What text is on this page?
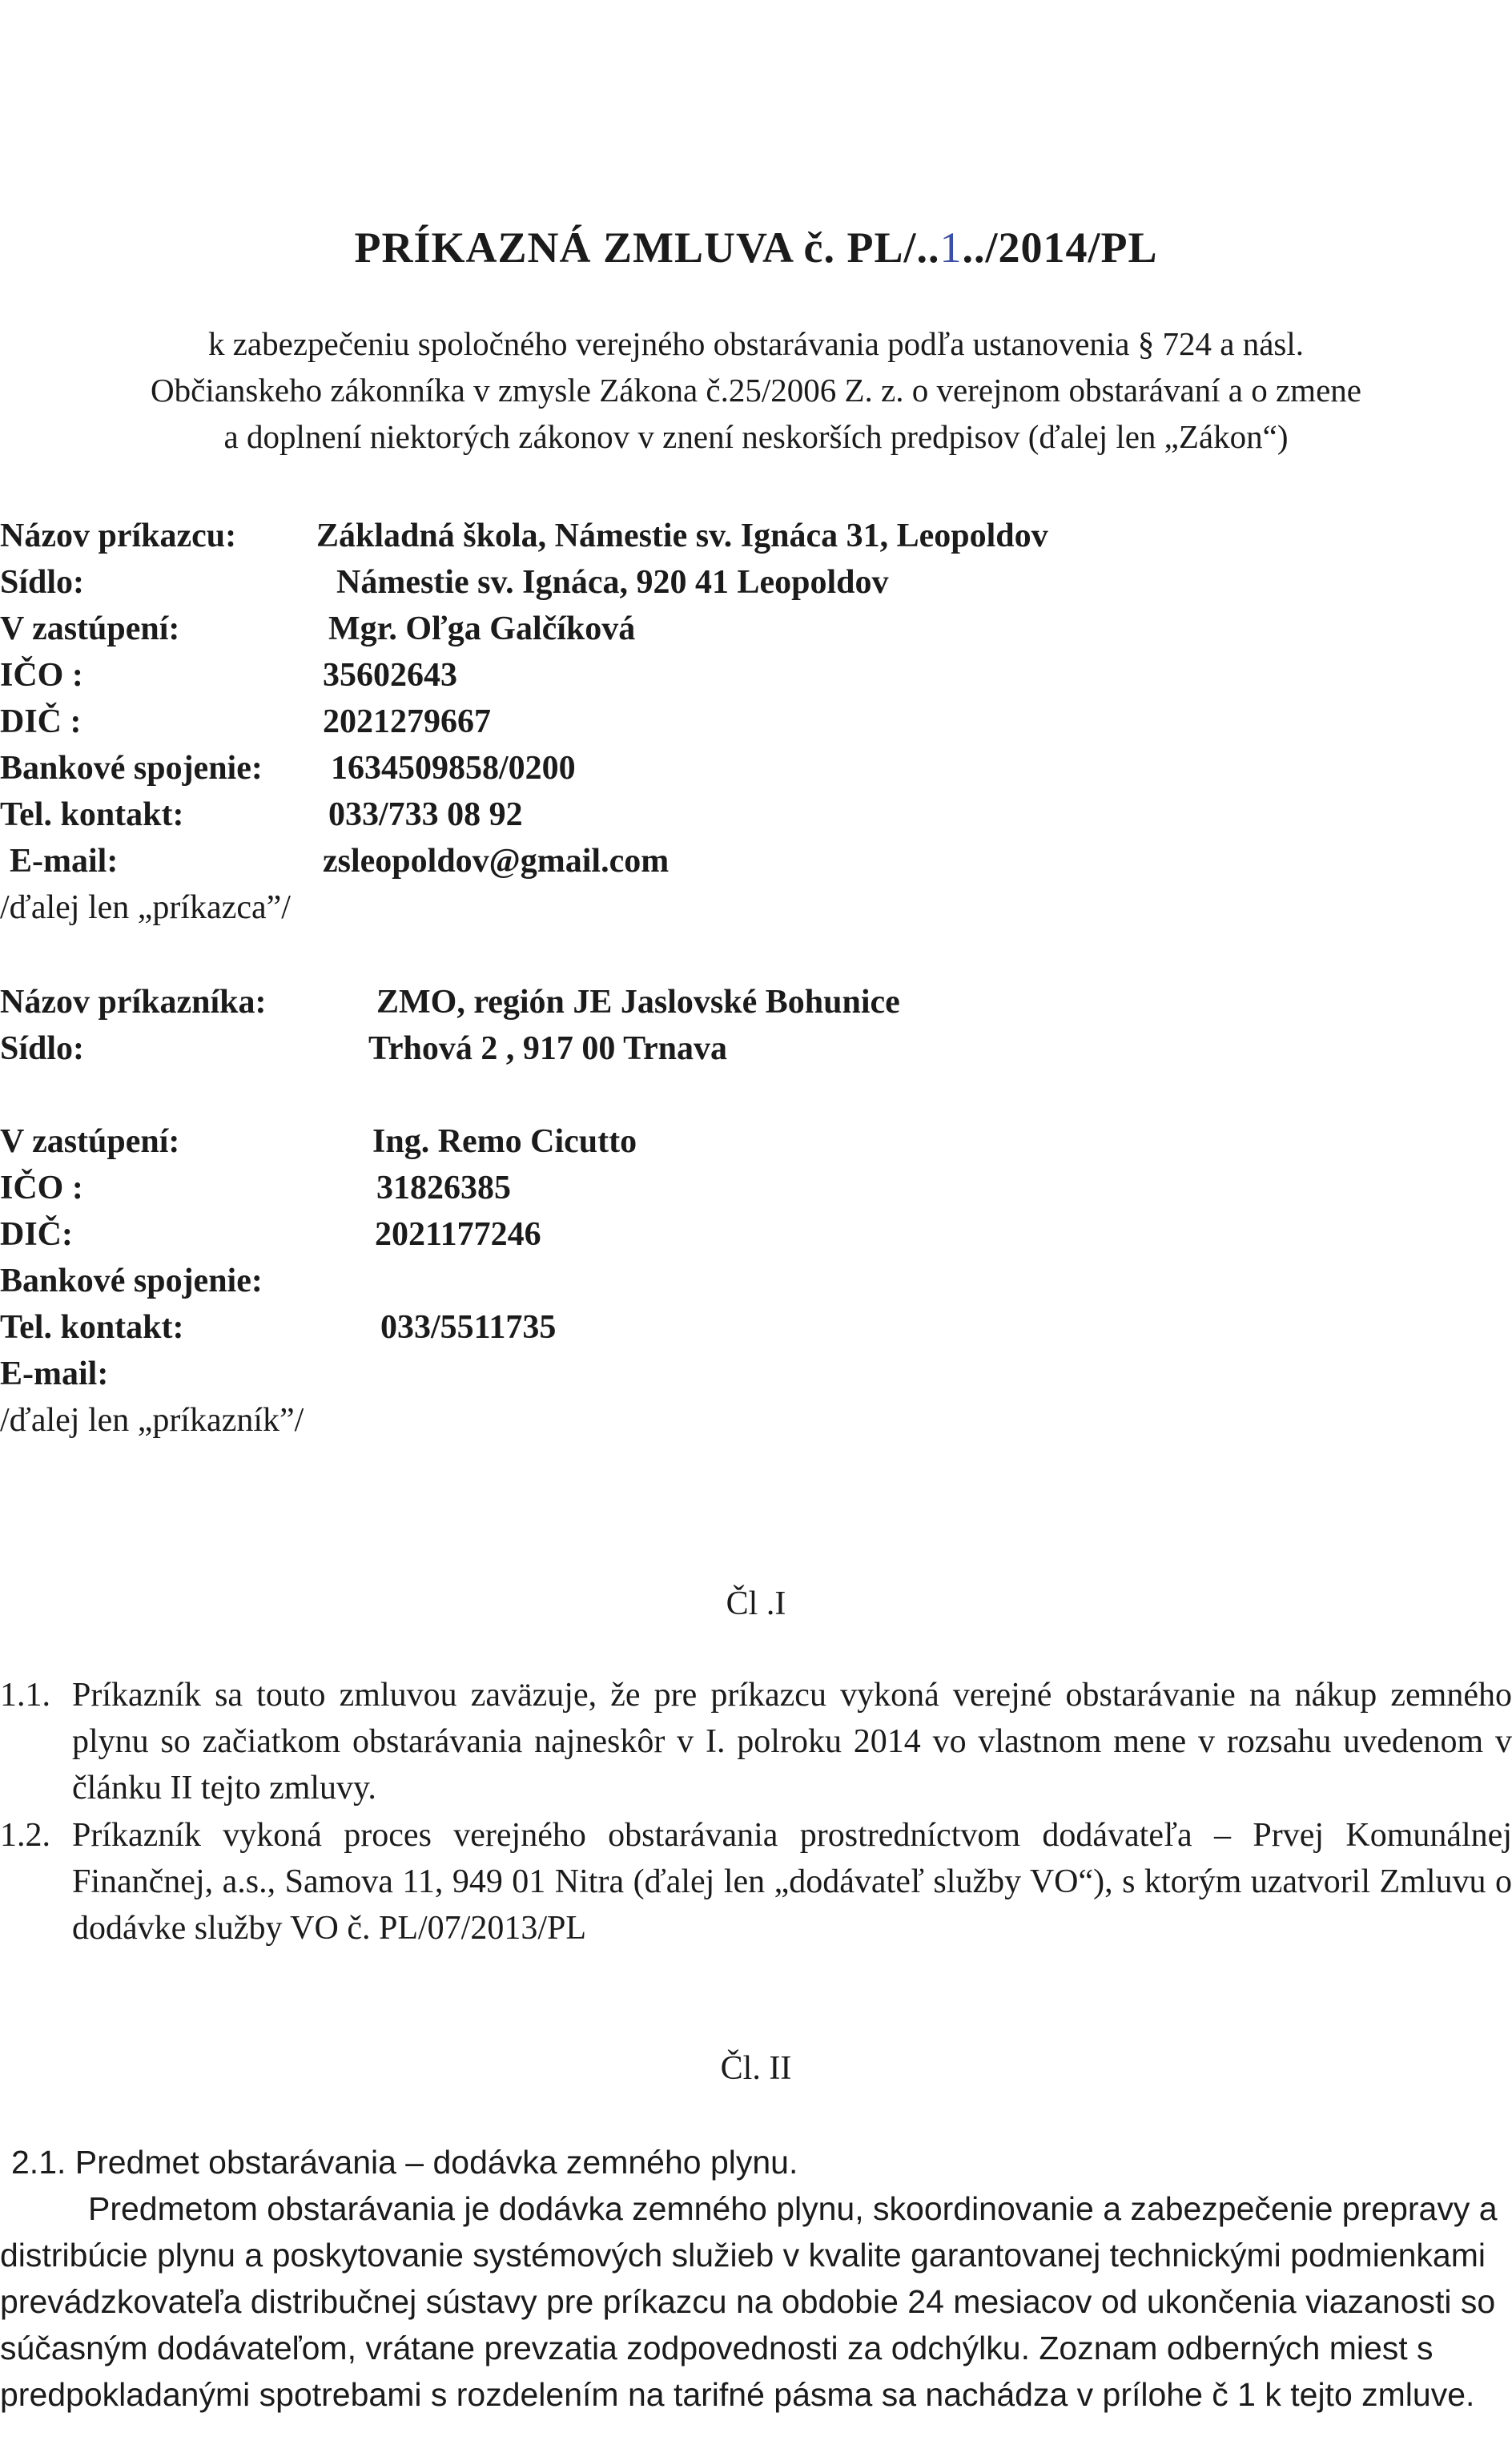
PRÍKAZNÁ ZMLUVA č. PL/..1../2014/PL
k zabezpečeniu spoločného verejného obstarávania podľa ustanovenia § 724 a násl.
Občianskeho zákonníka v zmysle Zákona č.25/2006 Z. z. o verejnom obstarávaní a o zmene
a doplnení niektorých zákonov v znení neskorších predpisov (ďalej len „Zákon“)
Názov príkazcu: Základná škola, Námestie sv. Ignáca 31, Leopoldov
Sídlo:	Námestie sv. Ignáca, 920 41 Leopoldov
V zastúpení:	Mgr. Oľga Galčíková
IČO :	35602643
DIČ :	2021279667
Bankové spojenie: 1634509858/0200
Tel. kontakt:	033/733 08 92
E-mail:	zsleopoldov@gmail.com
/ďalej len „príkazca”/
Názov príkazníka:	ZMO, región JE Jaslovské Bohunice
Sídlo:	Trhová 2 , 917 00 Trnava
V zastúpení:	Ing. Remo Cicutto
IČO :	31826385
DIČ:	2021177246
Bankové spojenie:
Tel. kontakt:	033/5511735
E-mail:
/ďalej len „príkazník”/
Čl .I
1.1. Príkazník sa touto zmluvou zaväzuje, že pre príkazcu vykoná verejné obstarávanie na nákup zemného plynu so začiatkom obstarávania najneskôr v I. polroku 2014 vo vlastnom mene v rozsahu uvedenom v článku II tejto zmluvy.
1.2. Príkazník vykoná proces verejného obstarávania prostredníctvom dodávateľa – Prvej Komunálnej Finančnej, a.s., Samova 11, 949 01 Nitra (ďalej len „dodávateľ služby VO“), s ktorým uzatvoril Zmluvu o dodávke služby VO č. PL/07/2013/PL
Čl. II
2.1. Predmet obstarávania – dodávka zemného plynu.
Predmetom obstarávania je dodávka zemného plynu, skoordinovanie a zabezpečenie prepravy a distribúcie plynu a poskytovanie systémových služieb v kvalite garantovanej technickými podmienkami prevádzkovateľa distribučnej sústavy pre príkazcu na obdobie 24 mesiacov od ukončenia viazanosti so súčasným dodávateľom, vrátane prevzatia zodpovednosti za odchýlku. Zoznam odberných miest s predpokladanými spotrebami s rozdelením na tarifné pásma sa nachádza v prílohe č 1 k tejto zmluve.
